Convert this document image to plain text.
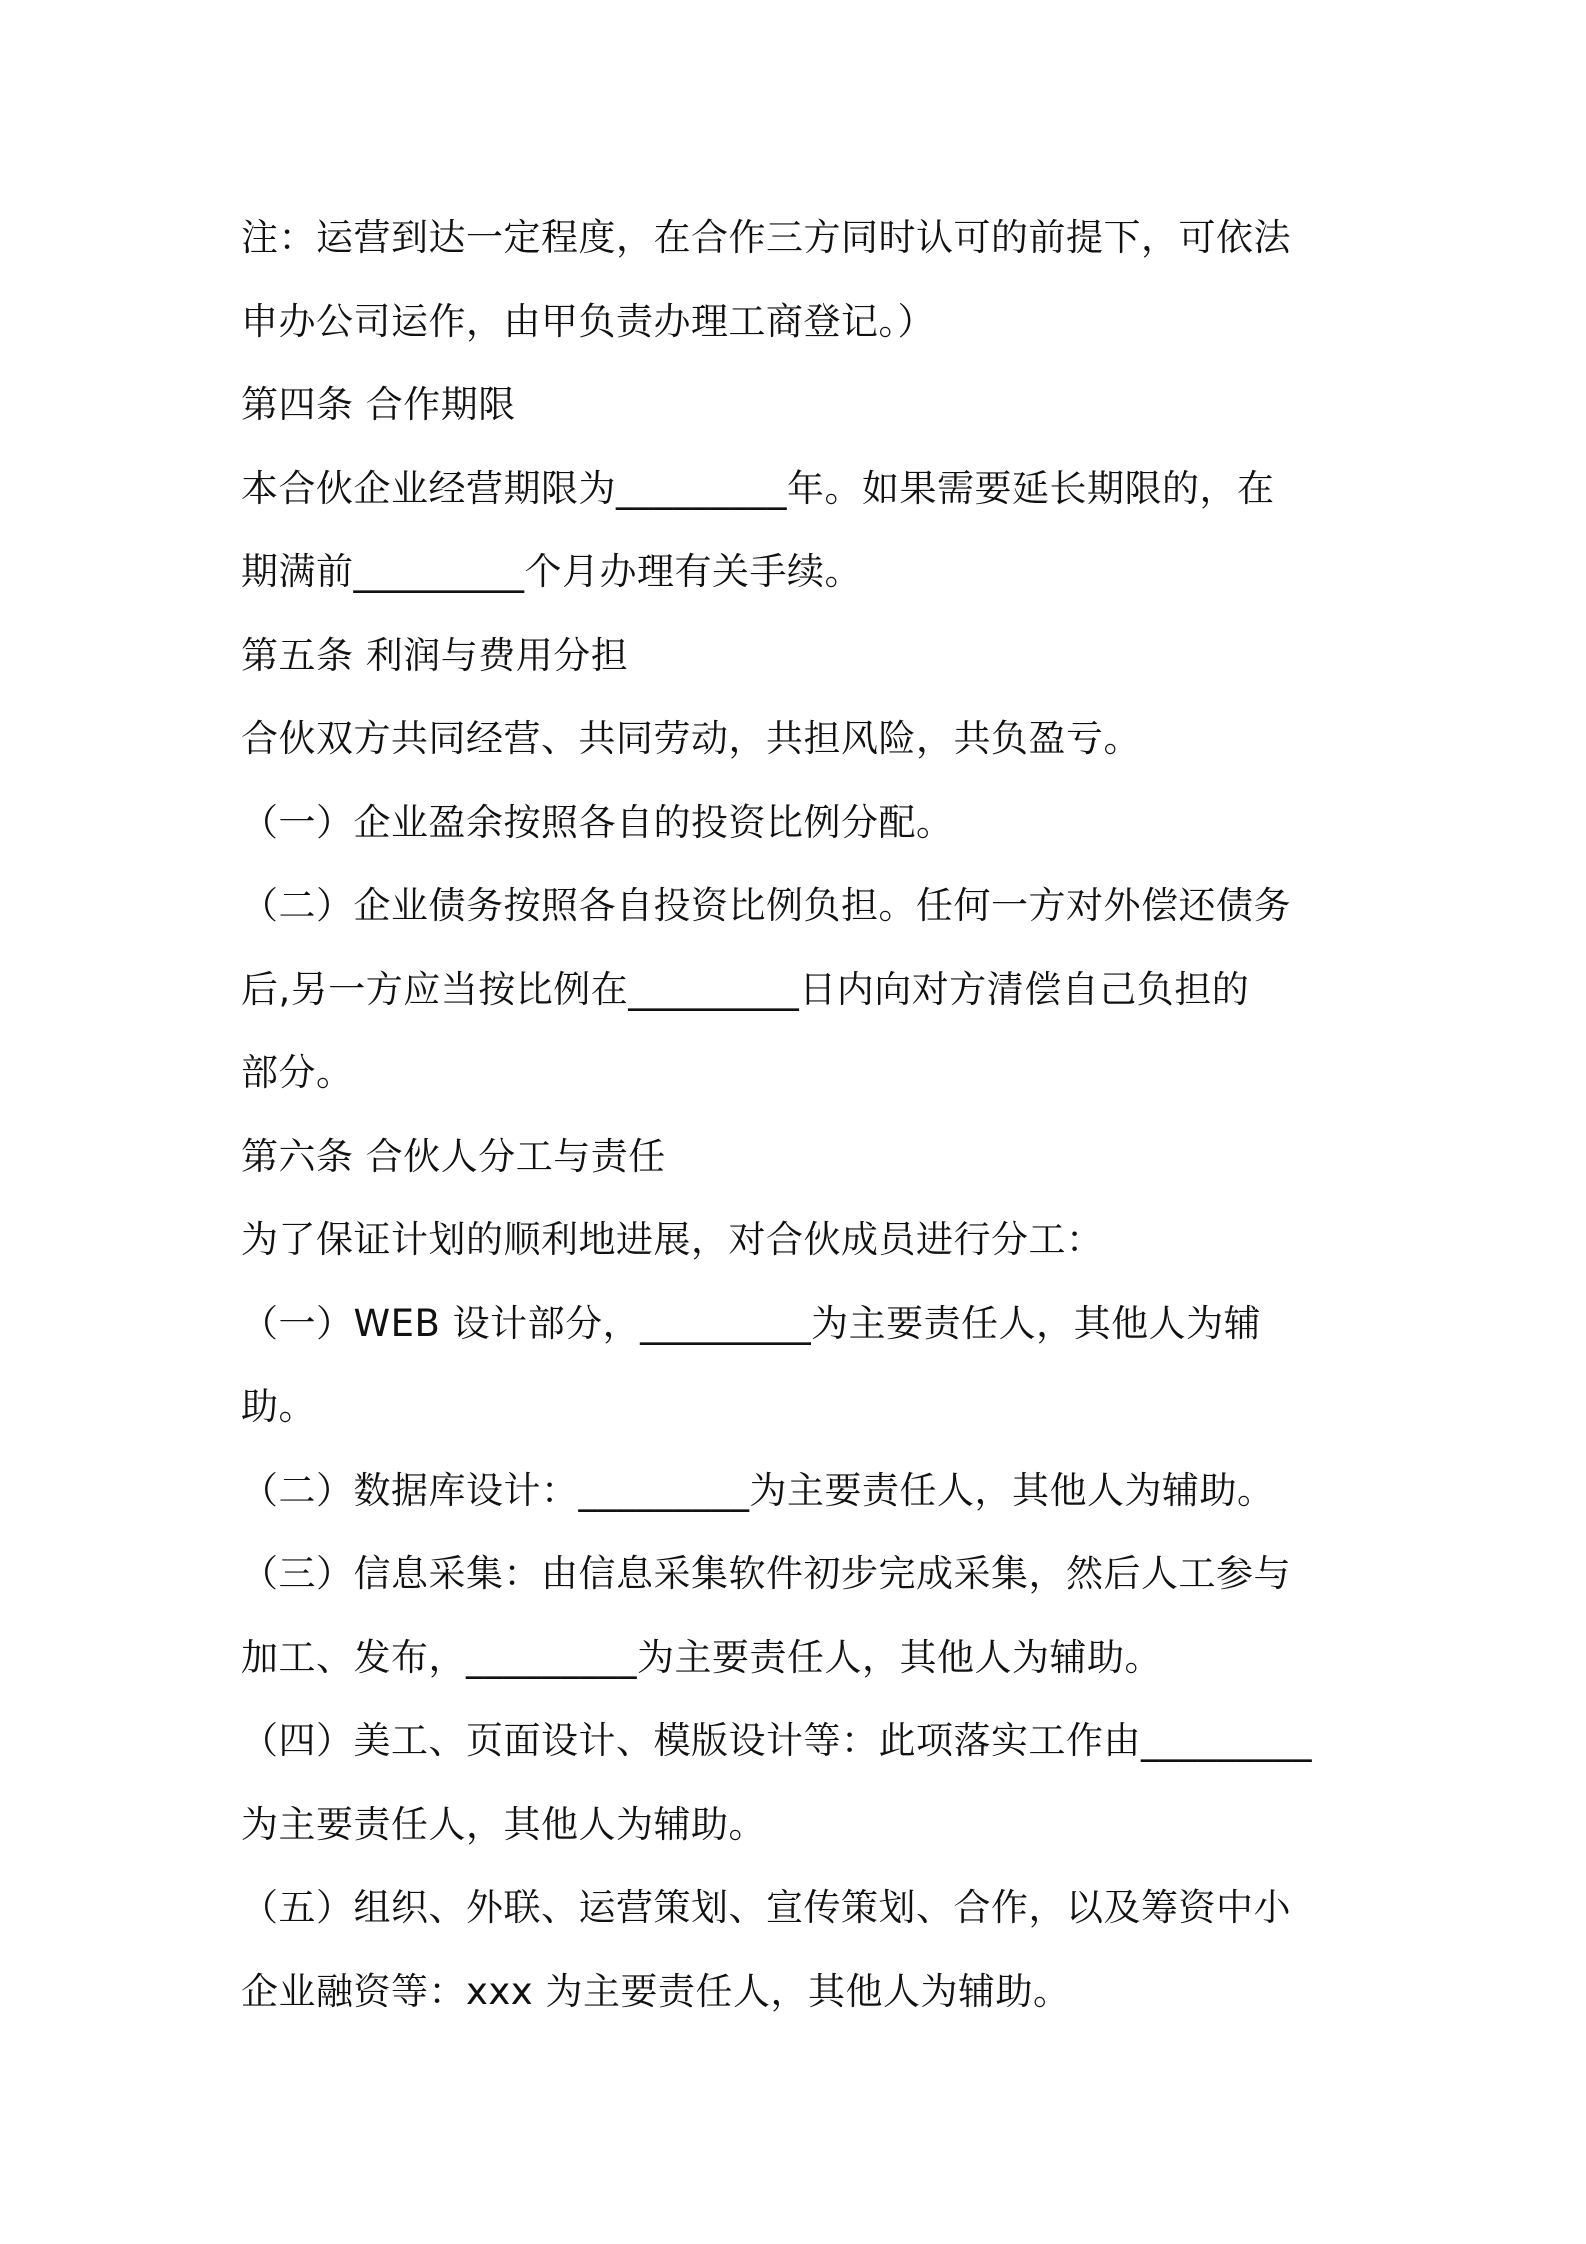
注：运营到达一定程度，在合作三方同时认可的前提下，可依法
申办公司运作，由甲负责办理工商登记。）
第四条 合作期限
本合伙企业经营期限为_________年。如果需要延长期限的，在
期满前_________个月办理有关手续。
第五条 利润与费用分担
合伙双方共同经营、共同劳动，共担风险，共负盈亏。
（一）企业盈余按照各自的投资比例分配。
（二）企业债务按照各自投资比例负担。任何一方对外偿还债务
后,另一方应当按比例在_________日内向对方清偿自己负担的
部分。
第六条 合伙人分工与责任
为了保证计划的顺利地进展，对合伙成员进行分工：
（一）WEB 设计部分，_________为主要责任人，其他人为辅
助。
（二）数据库设计：_________为主要责任人，其他人为辅助。
（三）信息采集：由信息采集软件初步完成采集，然后人工参与
加工、发布，_________为主要责任人，其他人为辅助。
（四）美工、页面设计、模版设计等：此项落实工作由_________
为主要责任人，其他人为辅助。
（五）组织、外联、运营策划、宣传策划、合作，以及筹资中小
企业融资等：xxx 为主要责任人，其他人为辅助。
